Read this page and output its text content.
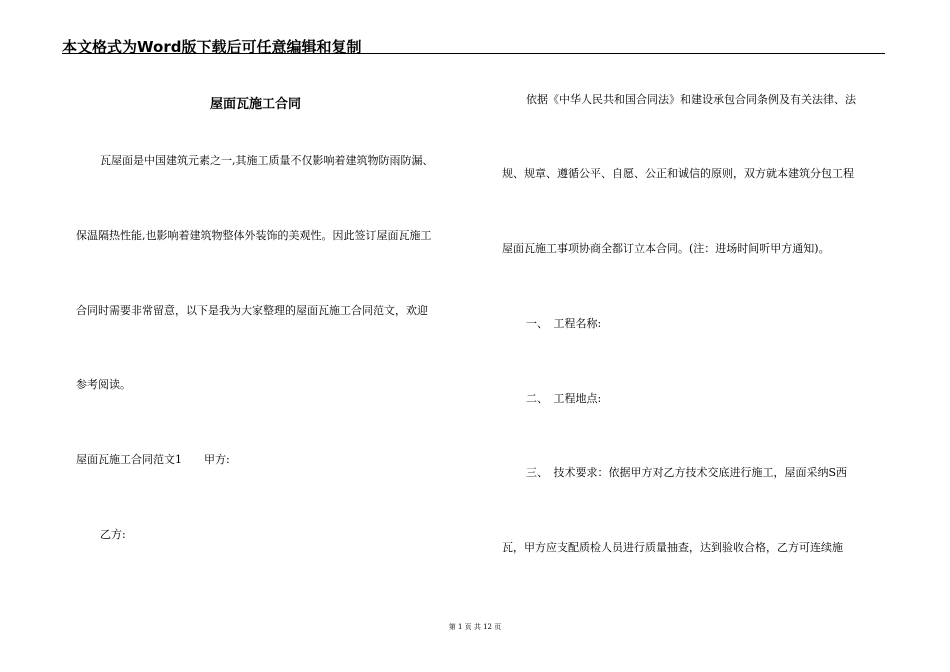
本文格式为Word版下载后可任意编辑和复制
屋面瓦施工合同
瓦屋面是中国建筑元素之一,其施工质量不仅影响着建筑物防雨防漏、
保温隔热性能,也影响着建筑物整体外装饰的美观性。因此签订屋面瓦施工
合同时需要非常留意，以下是我为大家整理的屋面瓦施工合同范文，欢迎
参考阅读。
屋面瓦施工合同范文1　　甲方:
乙方:
依据《中华人民共和国合同法》和建设承包合同条例及有关法律、法
规、规章、遵循公平、自愿、公正和诚信的原则，双方就本建筑分包工程
屋面瓦施工事项协商全都订立本合同。(注：进场时间听甲方通知)。
一、　工程名称:
二、　工程地点:
三、　技术要求：依据甲方对乙方技术交底进行施工，屋面采纳S西
瓦，甲方应支配质检人员进行质量抽查，达到验收合格，乙方可连续施
第 1 页 共 12 页
